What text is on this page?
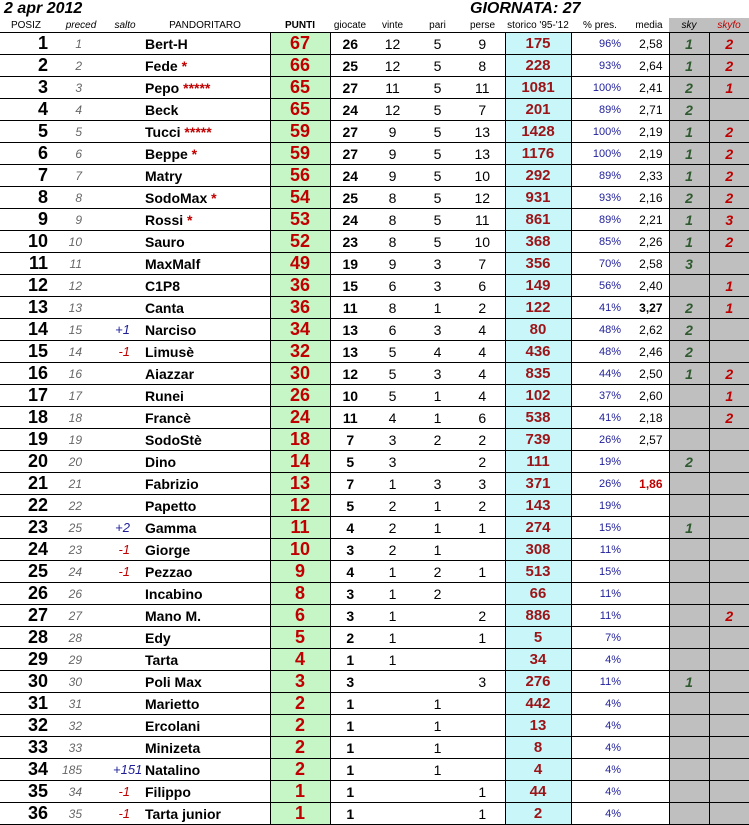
2 apr 2012	GIORNATA: 27
POSIZ	preced	salto	PANDORITARO	PUNTI	giocate	vinte	pari	perse	storico '95-'12	% pres.	media	sky	skyfo
1	1		Bert-H	67	26	12	5	9	175	96%	2,58	1	2
2	2		Fede *	66	25	12	5	8	228	93%	2,64	1	2
3	3		Pepo *****	65	27	11	5	11	1081	100%	2,41	2	1
4	4		Beck	65	24	12	5	7	201	89%	2,71	2	
5	5		Tucci *****	59	27	9	5	13	1428	100%	2,19	1	2
6	6		Beppe *	59	27	9	5	13	1176	100%	2,19	1	2
7	7		Matry	56	24	9	5	10	292	89%	2,33	1	2
8	8		SodoMax *	54	25	8	5	12	931	93%	2,16	2	2
9	9		Rossi *	53	24	8	5	11	861	89%	2,21	1	3
10	10		Sauro	52	23	8	5	10	368	85%	2,26	1	2
11	11		MaxMalf	49	19	9	3	7	356	70%	2,58	3	
12	12		C1P8	36	15	6	3	6	149	56%	2,40		1
13	13		Canta	36	11	8	1	2	122	41%	3,27	2	1
14	15	+1	Narciso	34	13	6	3	4	80	48%	2,62	2	
15	14	-1	Limusè	32	13	5	4	4	436	48%	2,46	2	
16	16		Aiazzar	30	12	5	3	4	835	44%	2,50	1	2
17	17		Runei	26	10	5	1	4	102	37%	2,60		1
18	18		Francè	24	11	4	1	6	538	41%	2,18		2
19	19		SodoStè	18	7	3	2	2	739	26%	2,57		
20	20		Dino	14	5	3		2	111	19%		2	
21	21		Fabrizio	13	7	1	3	3	371	26%	1,86		
22	22		Papetto	12	5	2	1	2	143	19%			
23	25	+2	Gamma	11	4	2	1	1	274	15%		1	
24	23	-1	Giorge	10	3	2	1		308	11%			
25	24	-1	Pezzao	9	4	1	2	1	513	15%			
26	26		Incabino	8	3	1	2		66	11%			
27	27		Mano M.	6	3	1		2	886	11%			2
28	28		Edy	5	2	1		1	5	7%			
29	29		Tarta	4	1	1			34	4%			
30	30		Poli Max	3	3			3	276	11%		1	
31	31		Marietto	2	1		1		442	4%			
32	32		Ercolani	2	1		1		13	4%			
33	33		Minizeta	2	1		1		8	4%			
34	185	+151	Natalino	2	1		1		4	4%			
35	34	-1	Filippo	1	1			1	44	4%			
36	35	-1	Tarta junior	1	1			1	2	4%			
